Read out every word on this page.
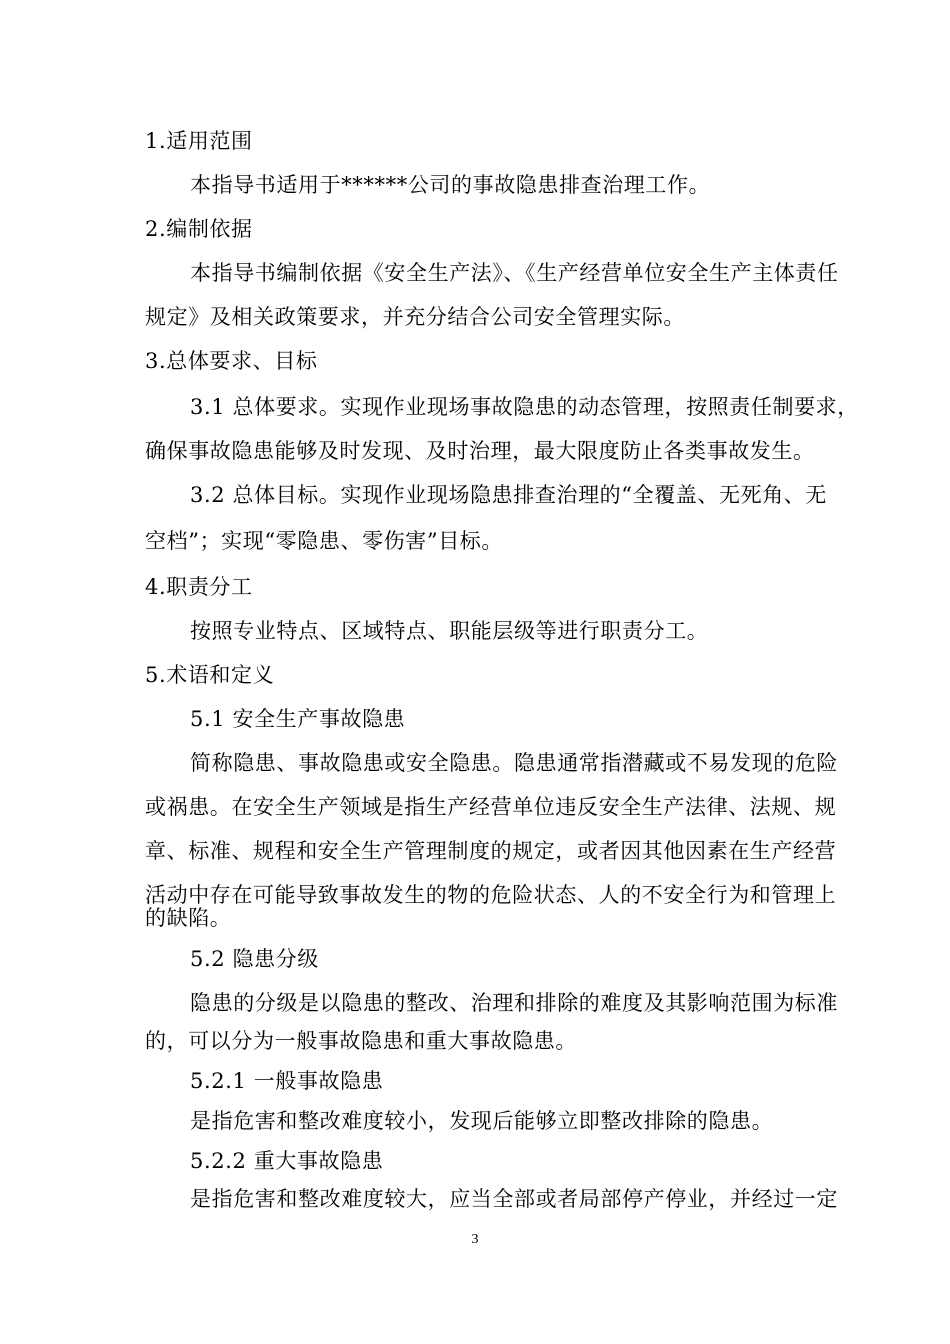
1.适用范围
本指导书适用于******公司的事故隐患排查治理工作。
2.编制依据
本指导书编制依据《安全生产法》、《生产经营单位安全生产主体责任
规定》及相关政策要求，并充分结合公司安全管理实际。
3.总体要求、目标
3.1 总体要求。实现作业现场事故隐患的动态管理，按照责任制要求，
确保事故隐患能够及时发现、及时治理，最大限度防止各类事故发生。
3.2 总体目标。实现作业现场隐患排查治理的“全覆盖、无死角、无
空档”；实现“零隐患、零伤害”目标。
4.职责分工
按照专业特点、区域特点、职能层级等进行职责分工。
5.术语和定义
5.1 安全生产事故隐患
简称隐患、事故隐患或安全隐患。隐患通常指潜藏或不易发现的危险
或祸患。在安全生产领域是指生产经营单位违反安全生产法律、法规、规
章、标准、规程和安全生产管理制度的规定，或者因其他因素在生产经营
活动中存在可能导致事故发生的物的危险状态、人的不安全行为和管理上
的缺陷。
5.2 隐患分级
隐患的分级是以隐患的整改、治理和排除的难度及其影响范围为标准
的，可以分为一般事故隐患和重大事故隐患。
5.2.1 一般事故隐患
是指危害和整改难度较小，发现后能够立即整改排除的隐患。
5.2.2 重大事故隐患
是指危害和整改难度较大，应当全部或者局部停产停业，并经过一定
3
